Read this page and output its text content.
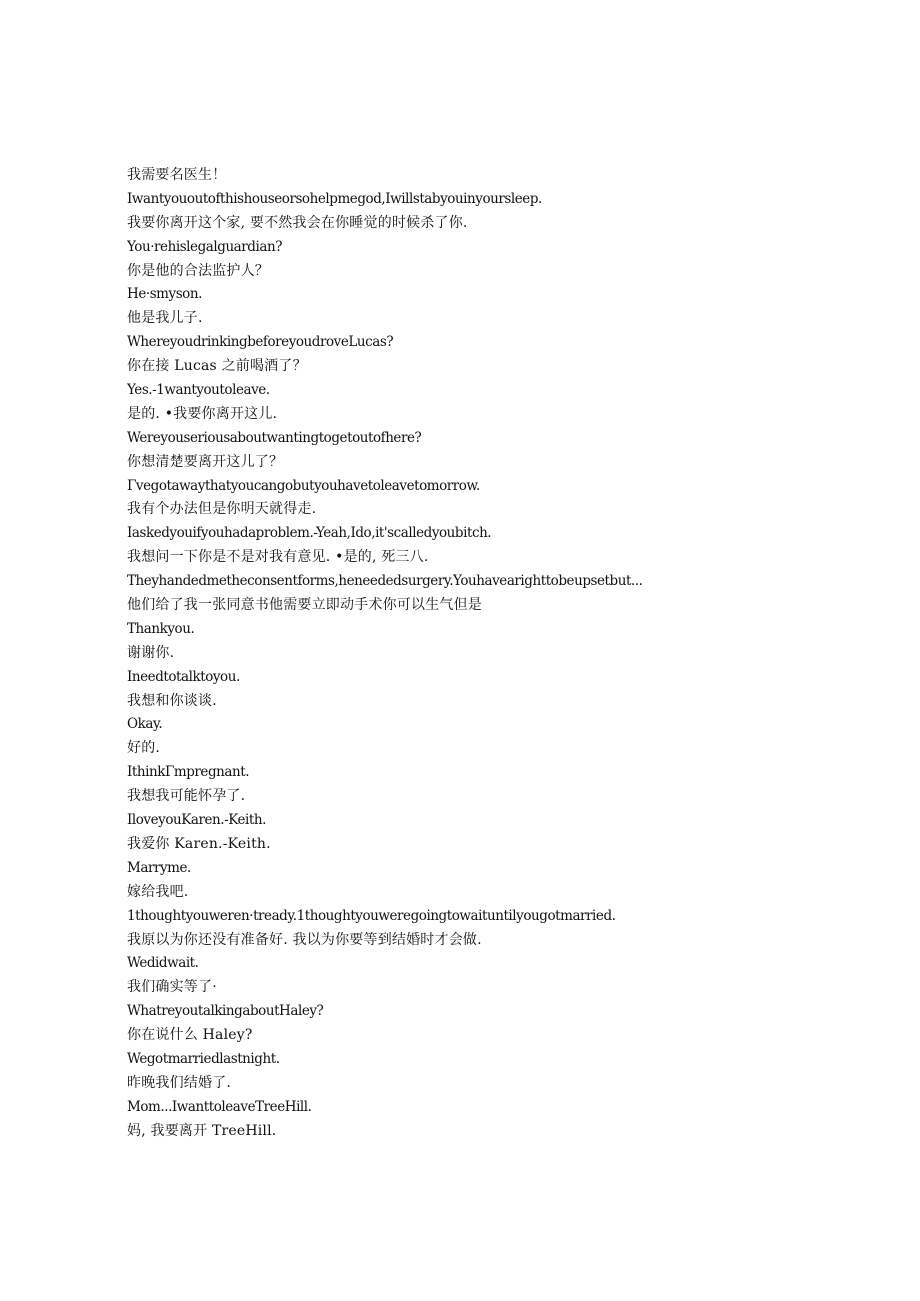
我需要名医生！
Iwantyououtofthishouseorsohelpmegod,Iwillstabyouinyoursleep.
我要你离开这个家, 要不然我会在你睡觉的时候杀了你.
You·rehislegalguardian?
你是他的合法监护人？
He·smyson.
他是我儿子.
WhereyoudrinkingbeforeyoudroveLucas?
你在接 Lucas 之前喝酒了？
Yes.-1wantyoutoleave.
是的. •我要你离开这儿.
Wereyouseriousaboutwantingtogetoutofhere?
你想清楚要离开这儿了？
Γvegotawaythatyoucangobutyouhavetoleavetomorrow.
我有个办法但是你明天就得走.
Iaskedyouifyouhadaproblem.-Yeah,Ido,it'scalledyoubitch.
我想问一下你是不是对我有意见. •是的, 死三八.
Theyhandedmetheconsentforms,heneededsurgery.Youhavearighttobeupsetbut...
他们给了我一张同意书他需要立即动手术你可以生气但是
Thankyou.
谢谢你.
Ineedtotalktoyou.
我想和你谈谈.
Okay.
好的.
IthinkΓmpregnant.
我想我可能怀孕了.
IloveyouKaren.-Keith.
我爱你 Karen.-Keith.
Marryme.
嫁给我吧.
1thoughtyouweren·tready.1thoughtyouweregoingtowaituntilyougotmarried.
我原以为你还没有准备好. 我以为你要等到结婚时才会做.
Wedidwait.
我们确实等了·
WhatreyoutalkingaboutHaley?
你在说什么 Haley?
Wegotmarriedlastnight.
昨晚我们结婚了.
Mom...IwanttoleaveTreeHill.
妈, 我要离开 TreeHill.
